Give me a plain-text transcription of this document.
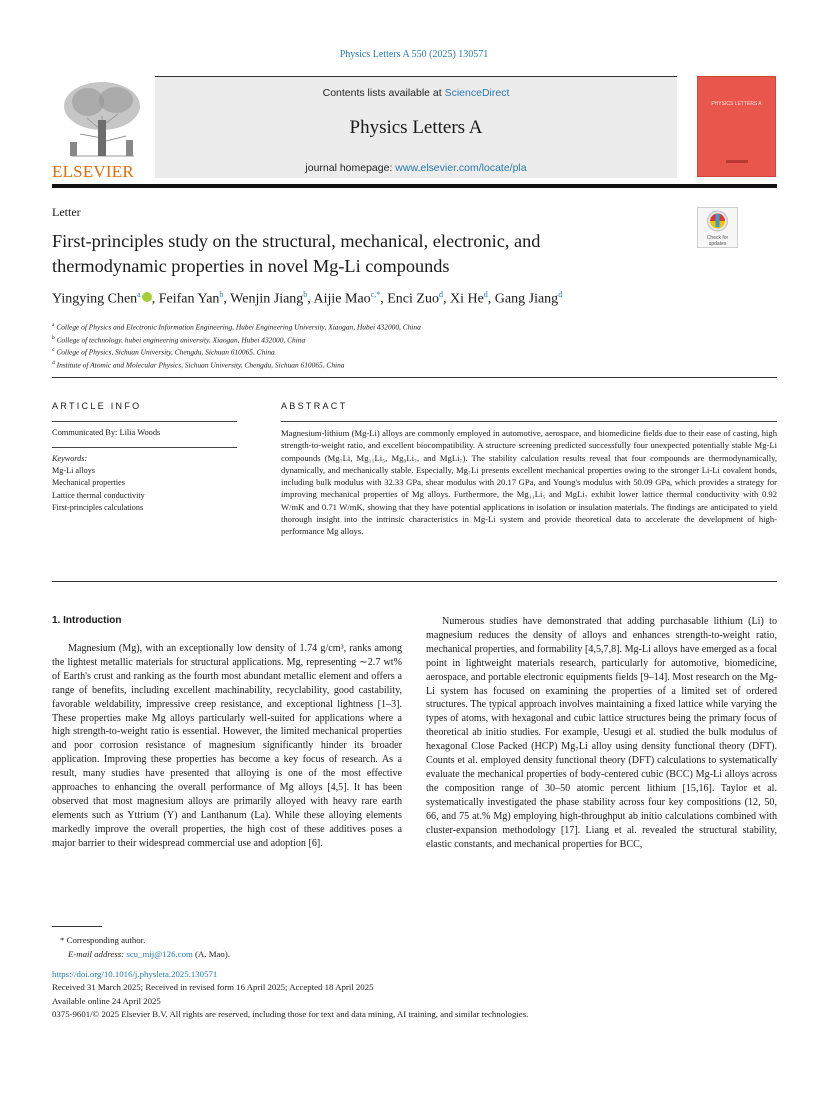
Physics Letters A 550 (2025) 130571
ELSEVIER
Contents lists available at ScienceDirect
Physics Letters A
journal homepage: www.elsevier.com/locate/pla
PHYSICS LETTERS A
Letter
First-principles study on the structural, mechanical, electronic, and thermodynamic properties in novel Mg-Li compounds
Check for updates
Yingying Chen$^a$ , Feifan Yan$^b$, Wenjin Jiang$^b$, Aijie Mao$^{c,*}$, Enci Zuo$^d$, Xi He$^d$, Gang Jiang$^d$
$^a$ College of Physics and Electronic Information Engineering, Hubei Engineering University, Xiaogan, Hubei 432000, China
$^b$ College of technology, hubei engineering university, Xiaogan, Hubei 432000, China
$^c$ College of Physics, Sichuan University, Chengdu, Sichuan 610065, China
$^d$ Institute of Atomic and Molecular Physics, Sichuan University, Chengdu, Sichuan 610065, China
ARTICLE INFO	ABSTRACT
Communicated By: Lilia Woods
Keywords:
Mg-Li alloys
Mechanical properties
Lattice thermal conductivity
First-principles calculations
Magnesium-lithium (Mg-Li) alloys are commonly employed in automotive, aerospace, and biomedicine fields due to their ease of casting, high strength-to-weight ratio, and excellent biocompatibility. A structure screening predicted successfully four unexpected potentially stable Mg-Li compounds (Mg₇Li, Mg₁₁Li₅, Mg₉Li₇, and MgLi₇). The stability calculation results reveal that four compounds are thermodynamically, dynamically, and mechanically stable. Especially, Mg₇Li presents excellent mechanical properties owing to the stronger Li-Li covalent bonds, including bulk modulus with 32.33 GPa, shear modulus with 20.17 GPa, and Young's modulus with 50.09 GPa, which provides a strategy for improving mechanical properties of Mg alloys. Furthermore, the Mg₁₁Li₅ and MgLi₇ exhibit lower lattice thermal conductivity with 0.92 W/mK and 0.71 W/mK, showing that they have potential applications in isolation or insulation materials. The findings are anticipated to yield thorough insight into the intrinsic characteristics in Mg-Li system and provide theoretical data to accelerate the development of high-performance Mg alloys.
1. Introduction

Magnesium (Mg), with an exceptionally low density of 1.74 g/cm³, ranks among the lightest metallic materials for structural applications. Mg, representing ∼2.7 wt% of Earth's crust and ranking as the fourth most abundant metallic element and offers a range of benefits, including excellent machinability, recyclability, good castability, favorable weldability, impressive creep resistance, and exceptional lightness [1–3]. These properties make Mg alloys particularly well-suited for applications where a high strength-to-weight ratio is essential. However, the limited mechanical properties and poor corrosion resistance of magnesium significantly hinder its broader application. Improving these properties has become a key focus of research. As a result, many studies have presented that alloying is one of the most effective approaches to enhancing the overall performance of Mg alloys [4,5]. It has been observed that most magnesium alloys are primarily alloyed with heavy rare earth elements such as Yttrium (Y) and Lanthanum (La). While these alloying elements markedly improve the overall properties, the high cost of these additives poses a major barrier to their widespread commercial use and adoption [6].

Numerous studies have demonstrated that adding purchasable lithium (Li) to magnesium reduces the density of alloys and enhances strength-to-weight ratio, mechanical properties, and formability [4,5,7,8]. Mg-Li alloys have emerged as a focal point in lightweight materials research, particularly for automotive, biomedicine, aerospace, and portable electronic equipments fields [9–14]. Most research on the Mg-Li system has focused on examining the properties of a limited set of ordered structures. The typical approach involves maintaining a fixed lattice while varying the types of atoms, with hexagonal and cubic lattice structures being the primary focus of theoretical ab initio studies. For example, Uesugi et al. studied the bulk modulus of hexagonal Close Packed (HCP) Mg₇Li alloy using density functional theory (DFT). Counts et al. employed density functional theory (DFT) calculations to systematically evaluate the mechanical properties of body-centered cubic (BCC) Mg-Li alloys across the composition range of 30–50 atomic percent lithium [15,16]. Taylor et al. systematically investigated the phase stability across four key compositions (12, 50, 66, and 75 at.% Mg) employing high-throughput ab initio calculations combined with cluster-expansion methodology [17]. Liang et al. revealed the structural stability, elastic constants, and mechanical properties for BCC,

* Corresponding author.
E-mail address: scu_mij@126.com (A. Mao).
https://doi.org/10.1016/j.physleta.2025.130571
Received 31 March 2025; Received in revised form 16 April 2025; Accepted 18 April 2025
Available online 24 April 2025
0375-9601/© 2025 Elsevier B.V. All rights are reserved, including those for text and data mining, AI training, and similar technologies.
